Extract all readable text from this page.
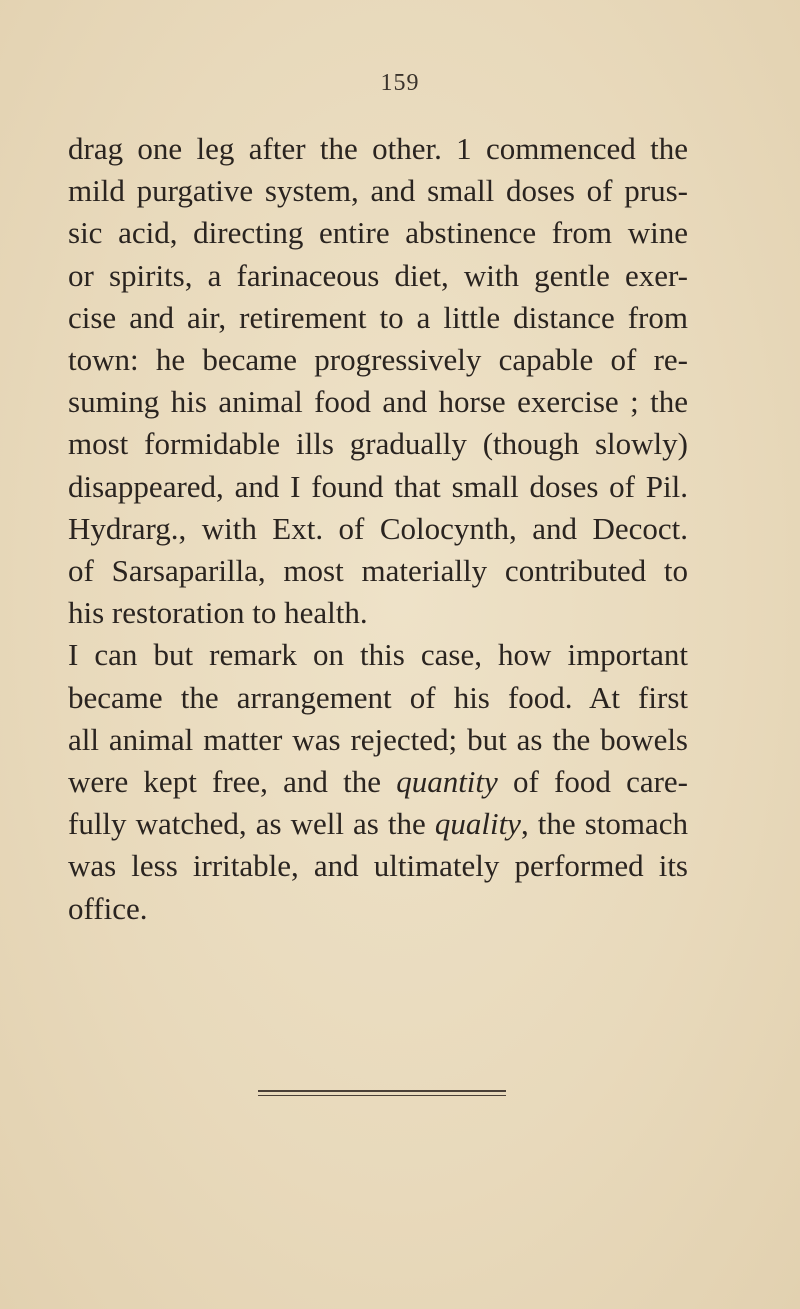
159
drag one leg after the other. 1 commenced the
mild purgative system, and small doses of prus-
sic acid, directing entire abstinence from wine
or spirits, a farinaceous diet, with gentle exer-
cise and air, retirement to a little distance from
town: he became progressively capable of re-
suming his animal food and horse exercise ; the
most formidable ills gradually (though slowly)
disappeared, and I found that small doses of Pil.
Hydrarg., with Ext. of Colocynth, and Decoct.
of Sarsaparilla, most materially contributed to
his restoration to health.
I can but remark on this case, how important
became the arrangement of his food. At first
all animal matter was rejected; but as the bowels
were kept free, and the quantity of food care-
fully watched, as well as the quality, the stomach
was less irritable, and ultimately performed its
office.
